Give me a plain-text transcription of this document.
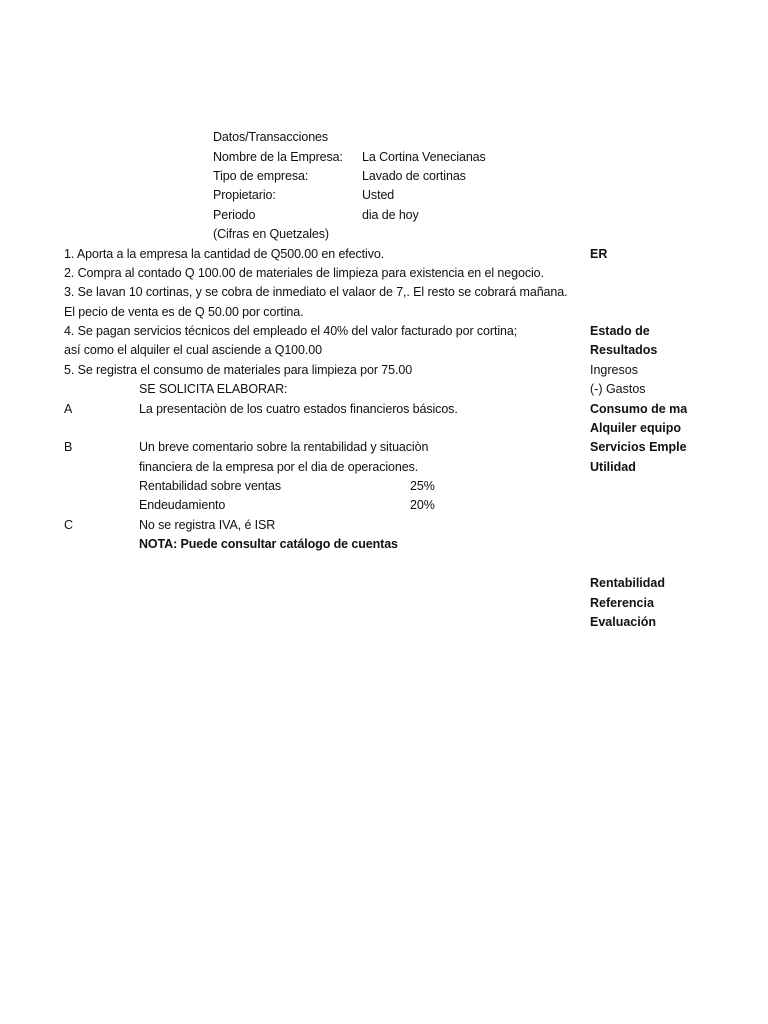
Datos/Transacciones
Nombre de la Empresa: La Cortina Venecianas
Tipo de empresa:	Lavado de cortinas
Propietario:	Usted
Periodo	dia de hoy
(Cifras en Quetzales)
1. Aporta a la empresa la cantidad de Q500.00 en efectivo.
2. Compra al contado Q 100.00 de materiales de limpieza para existencia en el negocio.
3. Se lavan 10 cortinas, y se cobra de inmediato el valaor de 7,. El resto se cobrará mañana.
El pecio de venta es de Q 50.00 por cortina.
4. Se pagan servicios técnicos del empleado el 40% del valor facturado por cortina;
así como el alquiler el cual asciende a Q100.00
5. Se registra el consumo de materiales para limpieza por 75.00
SE SOLICITA ELABORAR:
A	La presentaciòn de los cuatro estados financieros básicos.
B	Un breve comentario sobre la rentabilidad y situaciòn
financiera de la empresa por el dia de operaciones.
Rentabilidad sobre ventas	25%
Endeudamiento	20%
C	No se registra IVA, é ISR
NOTA: Puede consultar catálogo de cuentas
ER
Estado de
Resultados
Ingresos
(-) Gastos
Consumo de ma
Alquiler equipo
Servicios Emple
Utilidad
Rentabilidad
Referencia
Evaluación
